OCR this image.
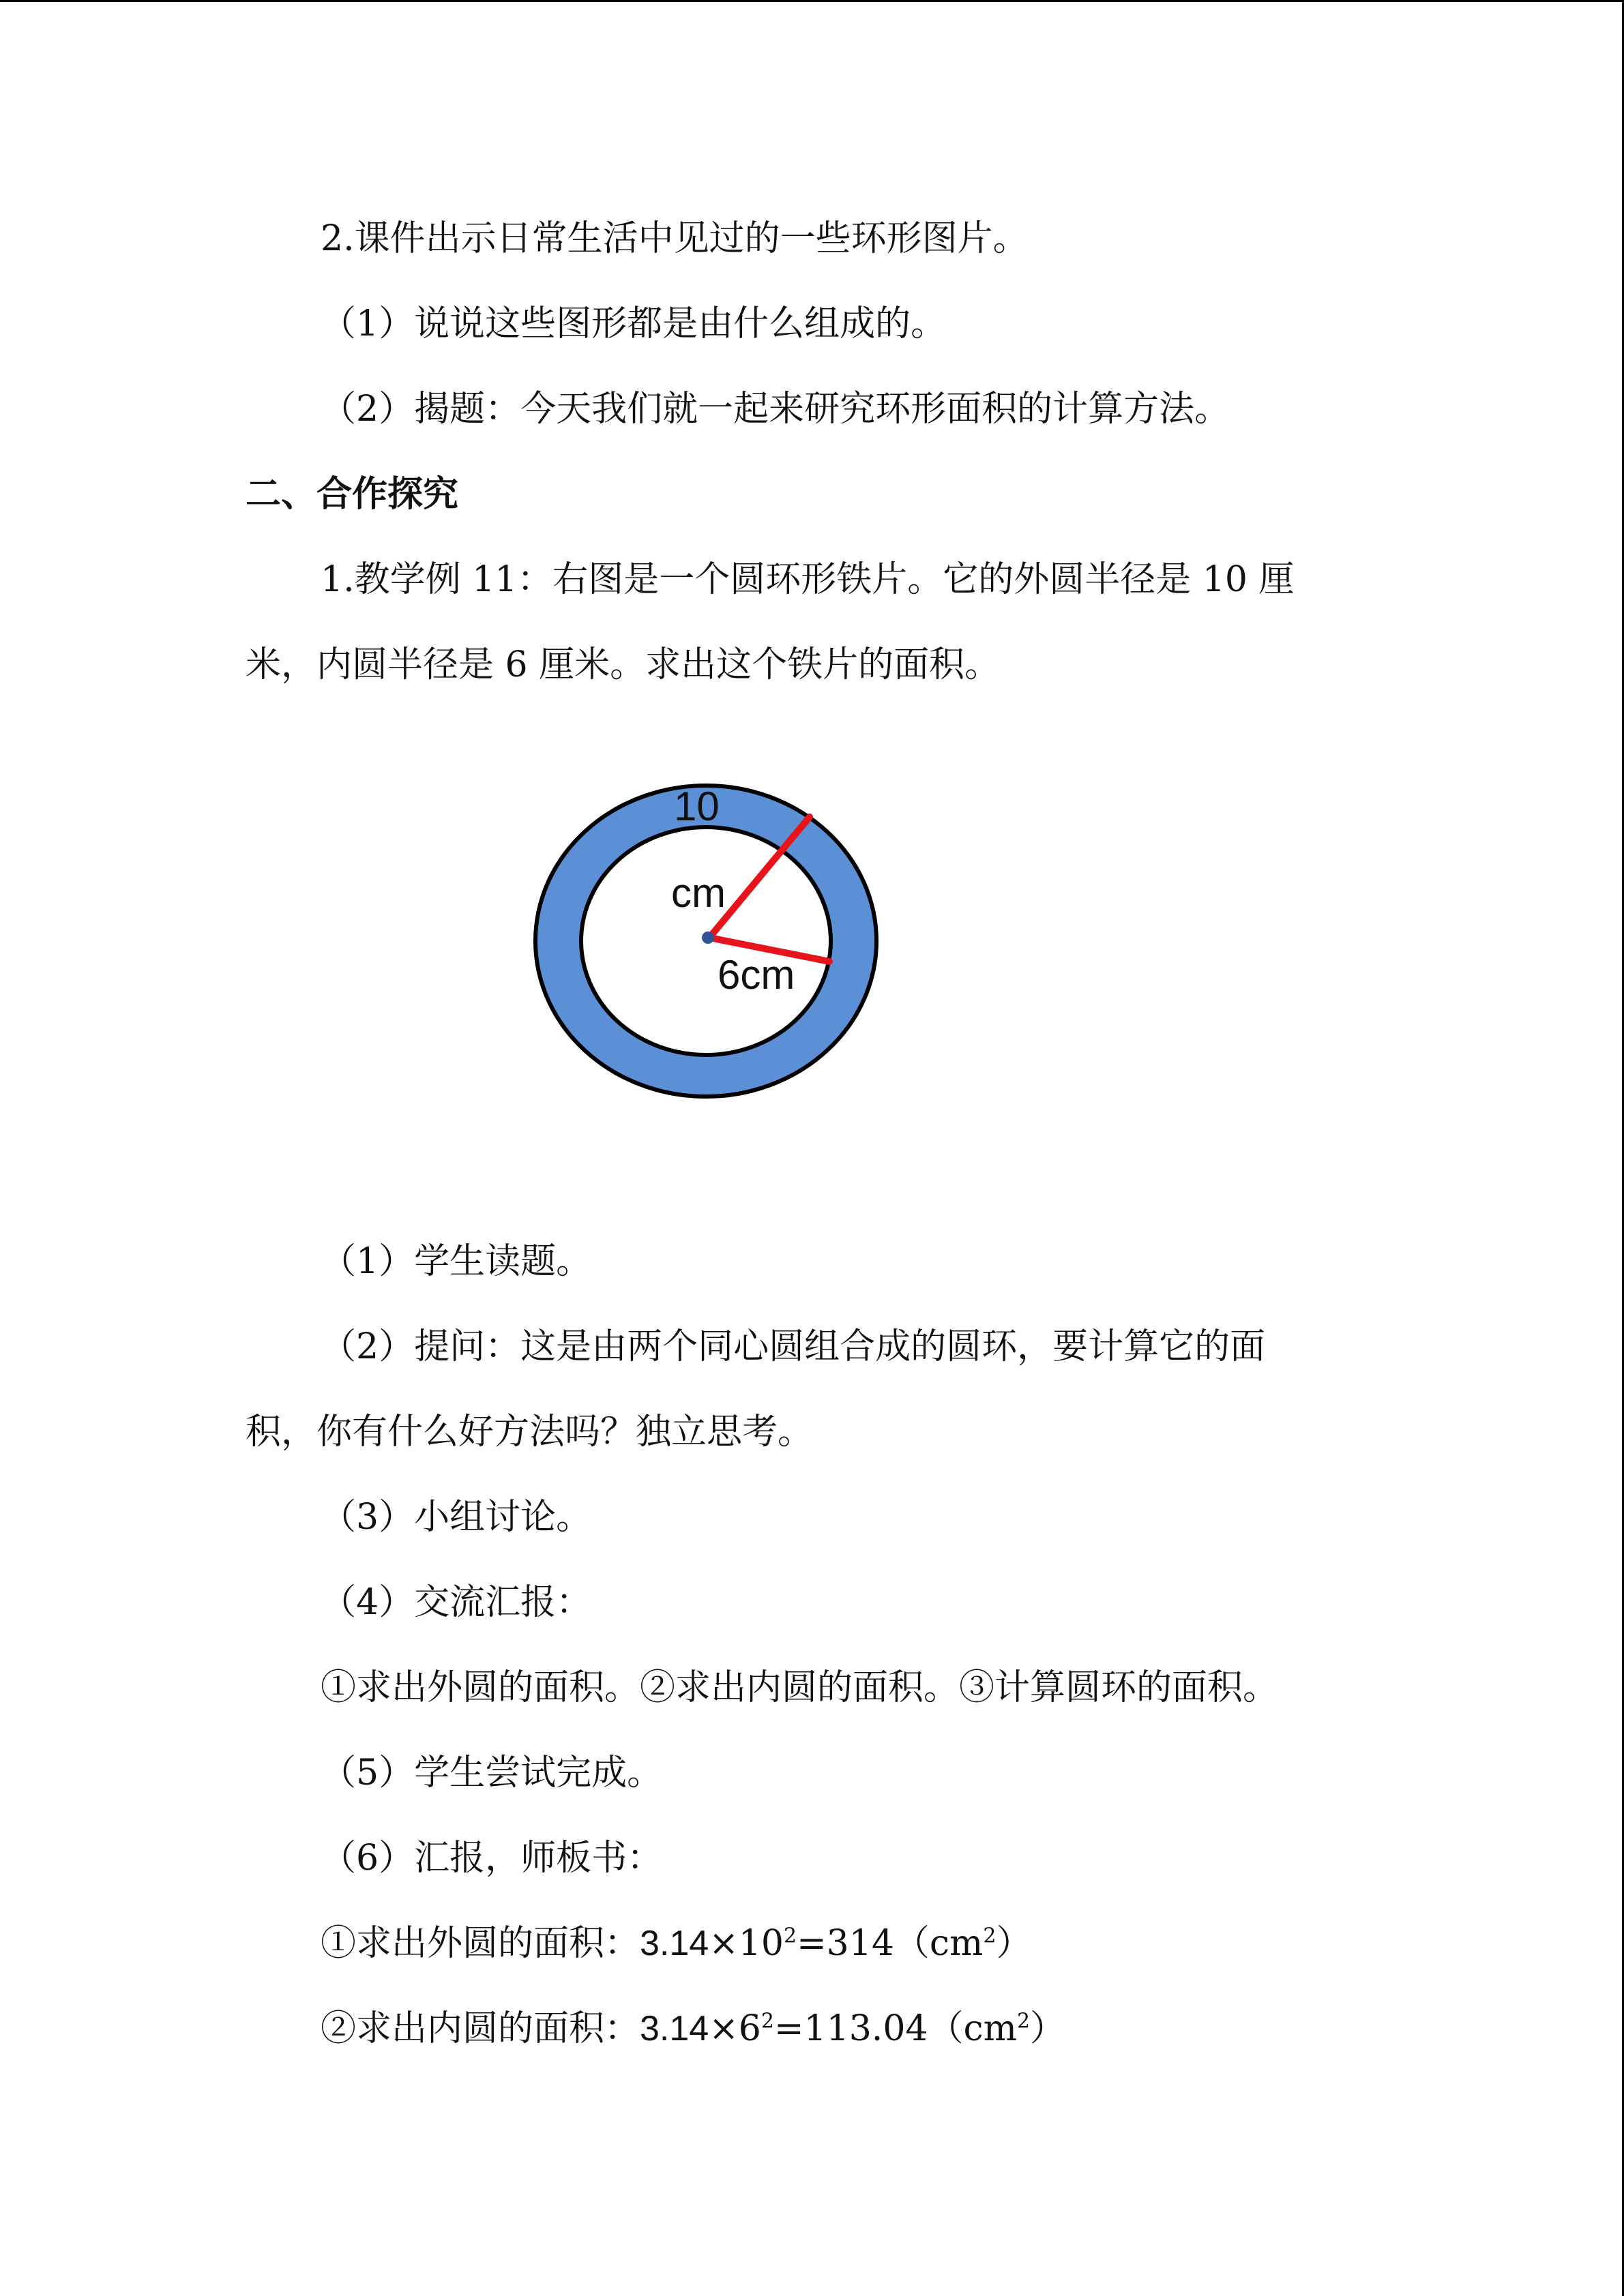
2.课件出示日常生活中见过的一些环形图片。
（1）说说这些图形都是由什么组成的。
（2）揭题：今天我们就一起来研究环形面积的计算方法。
二、合作探究
1.教学例 11：右图是一个圆环形铁片。它的外圆半径是 10 厘
米，内圆半径是 6 厘米。求出这个铁片的面积。
10
cm
6cm
（1）学生读题。
（2）提问：这是由两个同心圆组合成的圆环，要计算它的面
积，你有什么好方法吗？独立思考。
（3）小组讨论。
（4）交流汇报：
①求出外圆的面积。②求出内圆的面积。③计算圆环的面积。
（5）学生尝试完成。
（6）汇报，师板书：
①求出外圆的面积：$3.14\times 10^2=314(cm^2)$
②求出内圆的面积：$3.14\times 6^2=113.04(cm^2)$
